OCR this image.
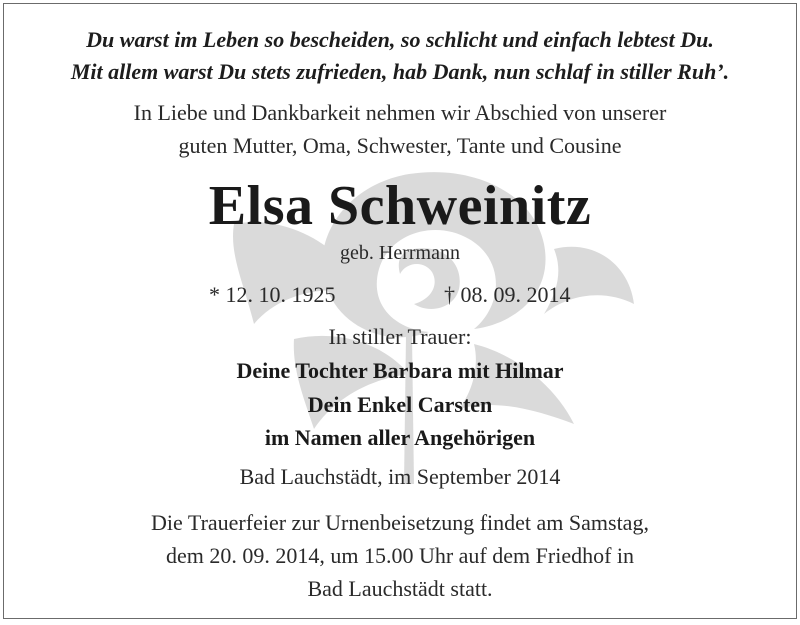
Du warst im Leben so bescheiden, so schlicht und einfach lebtest Du.
Mit allem warst Du stets zufrieden, hab Dank, nun schlaf in stiller Ruh’.
In Liebe und Dankbarkeit nehmen wir Abschied von unserer
guten Mutter, Oma, Schwester, Tante und Cousine
Elsa Schweinitz
geb. Herrmann
* 12. 10. 1925	† 08. 09. 2014
In stiller Trauer:
Deine Tochter Barbara mit Hilmar
Dein Enkel Carsten
im Namen aller Angehörigen
Bad Lauchstädt, im September 2014
Die Trauerfeier zur Urnenbeisetzung findet am Samstag,
dem 20. 09. 2014, um 15.00 Uhr auf dem Friedhof in
Bad Lauchstädt statt.
